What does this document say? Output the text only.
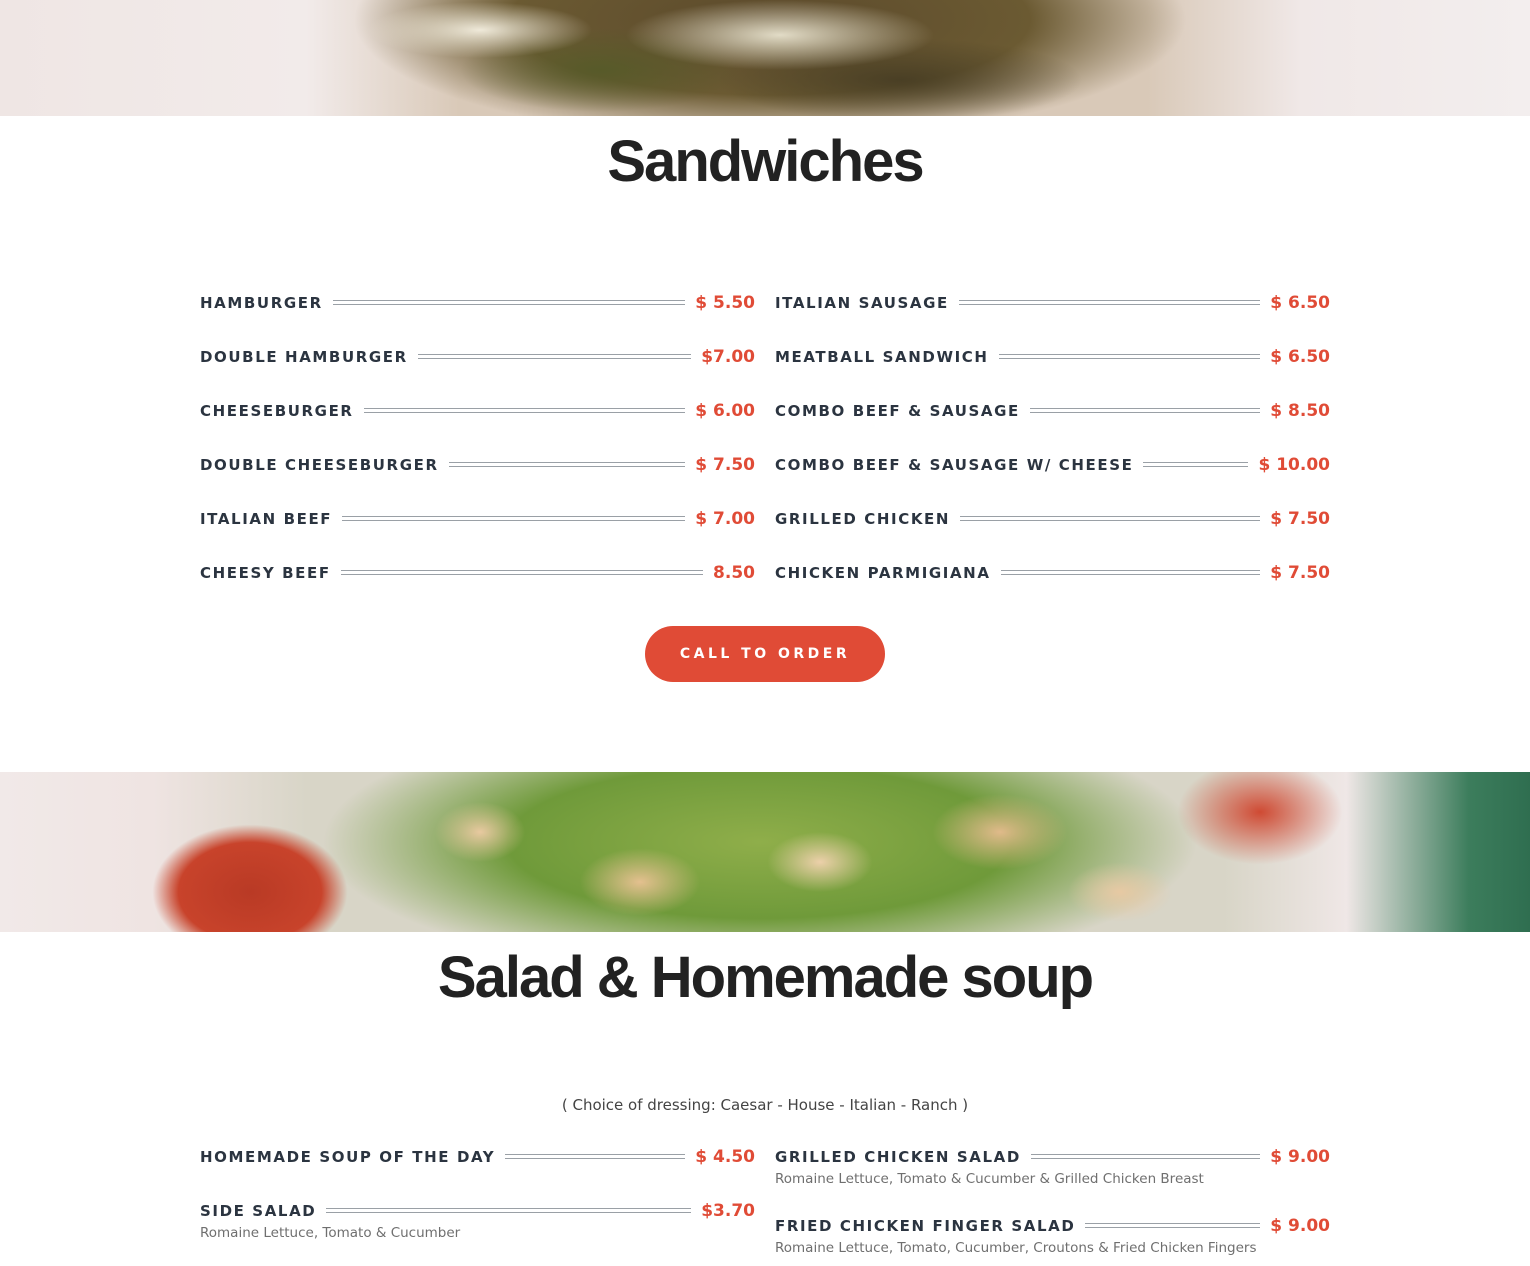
Sandwiches
HAMBURGER	$ 5.50
DOUBLE HAMBURGER	$7.00
CHEESEBURGER	$ 6.00
DOUBLE CHEESEBURGER	$ 7.50
ITALIAN BEEF	$ 7.00
CHEESY BEEF	8.50
ITALIAN SAUSAGE	$ 6.50
MEATBALL SANDWICH	$ 6.50
COMBO BEEF & SAUSAGE	$ 8.50
COMBO BEEF & SAUSAGE W/ CHEESE	$ 10.00
GRILLED CHICKEN	$ 7.50
CHICKEN PARMIGIANA	$ 7.50
CALL TO ORDER
Salad & Homemade soup
( Choice of dressing: Caesar - House - Italian - Ranch )
HOMEMADE SOUP OF THE DAY	$ 4.50
SIDE SALAD	$3.70
Romaine Lettuce, Tomato & Cucumber
GRILLED CHICKEN SALAD	$ 9.00
Romaine Lettuce, Tomato & Cucumber & Grilled Chicken Breast
FRIED CHICKEN FINGER SALAD	$ 9.00
Romaine Lettuce, Tomato, Cucumber, Croutons & Fried Chicken Fingers
